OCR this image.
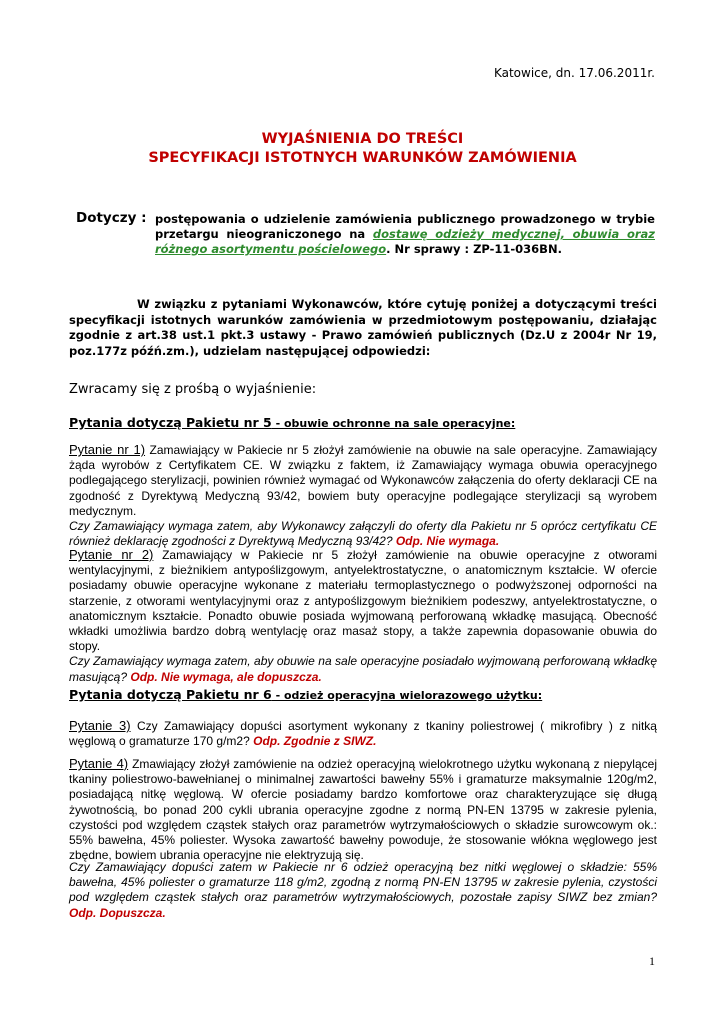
Katowice, dn. 17.06.2011r.
WYJAŚNIENIA DO TREŚCI
SPECYFIKACJI ISTOTNYCH WARUNKÓW ZAMÓWIENIA
Dotyczy : postępowania o udzielenie zamówienia publicznego prowadzonego w trybie przetargu nieograniczonego na dostawę odzieży medycznej, obuwia oraz różnego asortymentu pościelowego. Nr sprawy : ZP-11-036BN.
W związku z pytaniami Wykonawców, które cytuję poniżej a dotyczącymi treści specyfikacji istotnych warunków zamówienia w przedmiotowym postępowaniu, działając zgodnie z art.38 ust.1 pkt.3 ustawy - Prawo zamówień publicznych (Dz.U z 2004r Nr 19, poz.177z późń.zm.), udzielam następującej odpowiedzi:
Zwracamy się z prośbą o wyjaśnienie:
Pytania dotyczą Pakietu nr 5 - obuwie ochronne na sale operacyjne:
Pytanie nr 1) Zamawiający w Pakiecie nr 5 złożył zamówienie na obuwie na sale operacyjne. Zamawiający żąda wyrobów z Certyfikatem CE. W związku z faktem, iż Zamawiający wymaga obuwia operacyjnego podlegającego sterylizacji, powinien również wymagać od Wykonawców załączenia do oferty deklaracji CE na zgodność z Dyrektywą Medyczną 93/42, bowiem buty operacyjne podlegające sterylizacji są wyrobem medycznym.
Czy Zamawiający wymaga zatem, aby Wykonawcy załączyli do oferty dla Pakietu nr 5 oprócz certyfikatu CE również deklarację zgodności z Dyrektywą Medyczną 93/42? Odp. Nie wymaga.
Pytanie nr 2) Zamawiający w Pakiecie nr 5 złożył zamówienie na obuwie operacyjne z otworami wentylacyjnymi, z bieżnikiem antypoślizgowym, antyelektrostatyczne, o anatomicznym kształcie. W ofercie posiadamy obuwie operacyjne wykonane z materiału termoplastycznego o podwyższonej odporności na starzenie, z otworami wentylacyjnymi oraz z antypoślizgowym bieżnikiem podeszwy, antyelektrostatyczne, o anatomicznym kształcie. Ponadto obuwie posiada wyjmowaną perforowaną wkładkę masującą. Obecność wkładki umożliwia bardzo dobrą wentylację oraz masaż stopy, a także zapewnia dopasowanie obuwia do stopy.
Czy Zamawiający wymaga zatem, aby obuwie na sale operacyjne posiadało wyjmowaną perforowaną wkładkę masującą? Odp. Nie wymaga, ale dopuszcza.
Pytania dotyczą Pakietu nr 6 - odzież operacyjna wielorazowego użytku:
Pytanie 3) Czy Zamawiający dopuści asortyment wykonany z tkaniny poliestrowej ( mikrofibry ) z nitką węglową o gramaturze 170 g/m2? Odp. Zgodnie z SIWZ.
Pytanie 4) Zmawiający złożył zamówienie na odzież operacyjną wielokrotnego użytku wykonaną z niepylącej tkaniny poliestrowo-bawełnianej o minimalnej zawartości bawełny 55% i gramaturze maksymalnie 120g/m2, posiadającą nitkę węglową. W ofercie posiadamy bardzo komfortowe oraz charakteryzujące się długą żywotnością, bo ponad 200 cykli ubrania operacyjne zgodne z normą PN-EN 13795 w zakresie pylenia, czystości pod względem cząstek stałych oraz parametrów wytrzymałościowych o składzie surowcowym ok.: 55% bawełna, 45% poliester. Wysoka zawartość bawełny powoduje, że stosowanie włókna węglowego jest zbędne, bowiem ubrania operacyjne nie elektryzują się.
Czy Zamawiający dopuści zatem w Pakiecie nr 6 odzież operacyjną bez nitki węglowej o składzie: 55% bawełna, 45% poliester o gramaturze 118 g/m2, zgodną z normą PN-EN 13795 w zakresie pylenia, czystości pod względem cząstek stałych oraz parametrów wytrzymałościowych, pozostałe zapisy SIWZ bez zmian? Odp. Dopuszcza.
1
